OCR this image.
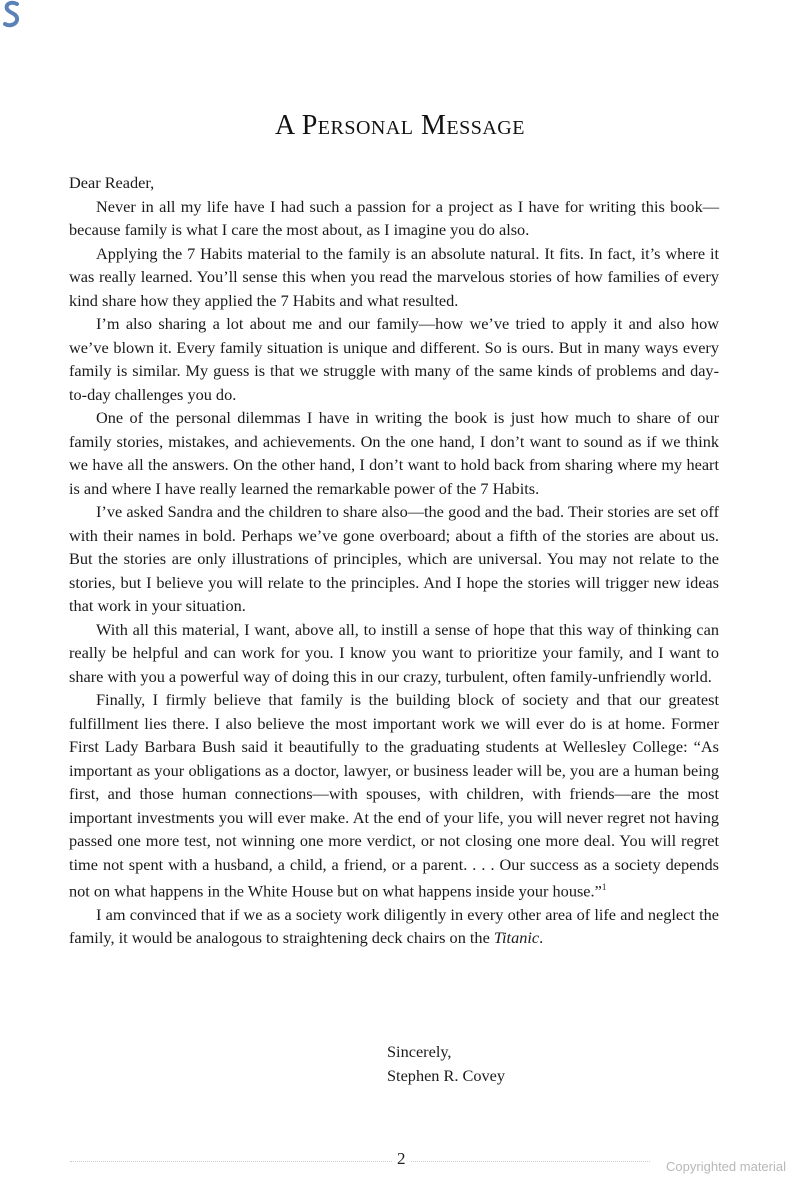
A Personal Message

Dear Reader,

Never in all my life have I had such a passion for a project as I have for writing this book—because family is what I care the most about, as I imagine you do also.

Applying the 7 Habits material to the family is an absolute natural. It fits. In fact, it’s where it was really learned. You’ll sense this when you read the marvelous stories of how families of every kind share how they applied the 7 Habits and what resulted.

I’m also sharing a lot about me and our family—how we’ve tried to apply it and also how we’ve blown it. Every family situation is unique and different. So is ours. But in many ways every family is similar. My guess is that we struggle with many of the same kinds of problems and day-to-day challenges you do.

One of the personal dilemmas I have in writing the book is just how much to share of our family stories, mistakes, and achievements. On the one hand, I don’t want to sound as if we think we have all the answers. On the other hand, I don’t want to hold back from sharing where my heart is and where I have really learned the remarkable power of the 7 Habits.

I’ve asked Sandra and the children to share also—the good and the bad. Their stories are set off with their names in bold. Perhaps we’ve gone overboard; about a fifth of the stories are about us. But the stories are only illustrations of principles, which are universal. You may not relate to the stories, but I believe you will relate to the principles. And I hope the stories will trigger new ideas that work in your situation.

With all this material, I want, above all, to instill a sense of hope that this way of thinking can really be helpful and can work for you. I know you want to prioritize your family, and I want to share with you a powerful way of doing this in our crazy, turbulent, often family-unfriendly world.

Finally, I firmly believe that family is the building block of society and that our greatest fulfillment lies there. I also believe the most important work we will ever do is at home. Former First Lady Barbara Bush said it beautifully to the graduating students at Wellesley College: “As important as your obligations as a doctor, lawyer, or business leader will be, you are a human being first, and those human connections—with spouses, with children, with friends—are the most important investments you will ever make. At the end of your life, you will never regret not having passed one more test, not winning one more verdict, or not closing one more deal. You will regret time not spent with a husband, a child, a friend, or a parent. . . . Our success as a society depends not on what happens in the White House but on what happens inside your house.”$^1$

I am convinced that if we as a society work diligently in every other area of life and neglect the family, it would be analogous to straightening deck chairs on the Titanic.

Sincerely,
Stephen R. Covey
2	Copyrighted material
